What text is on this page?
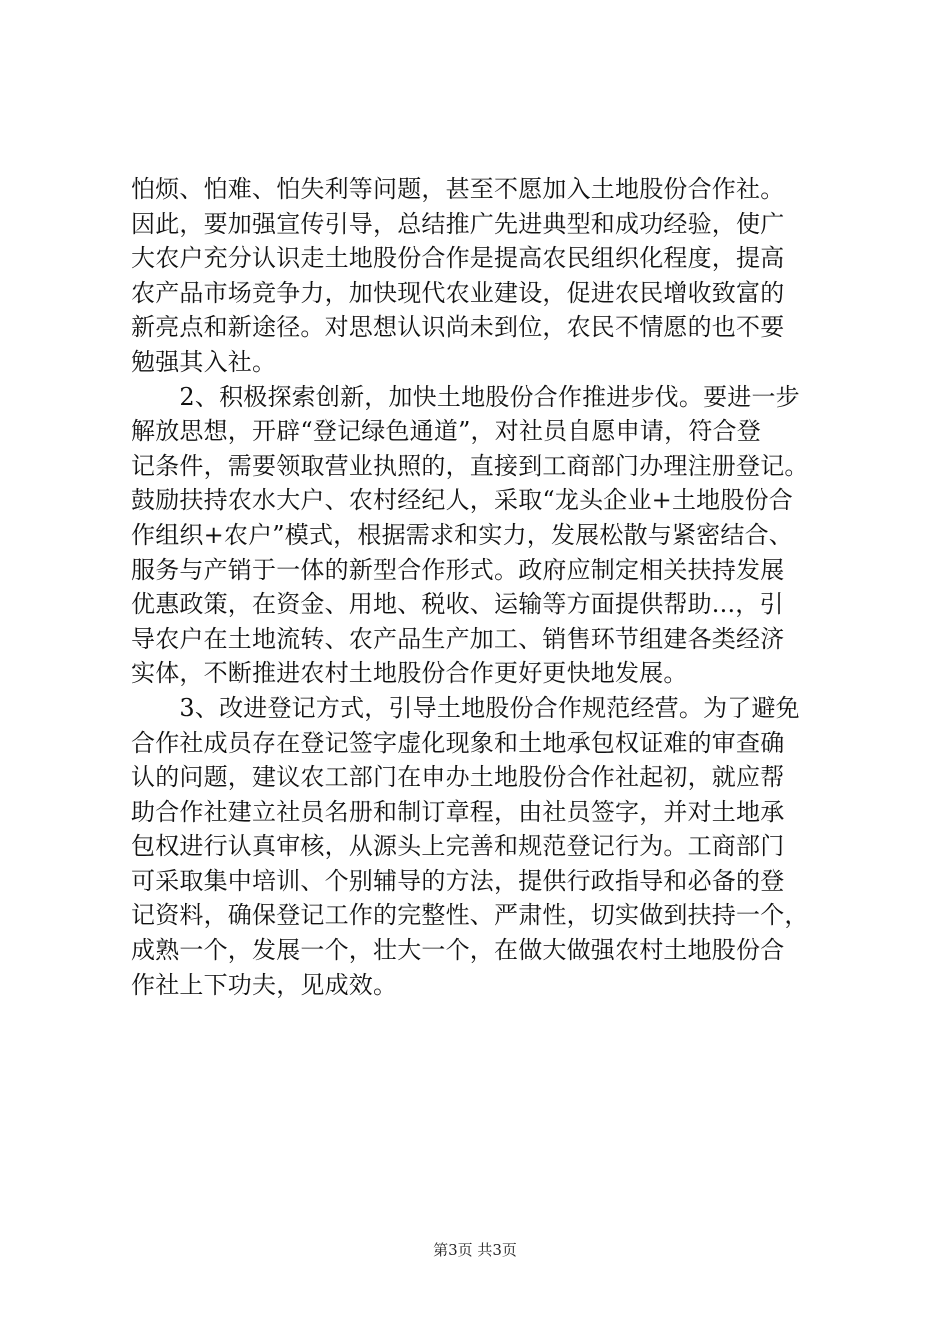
怕烦、怕难、怕失利等问题，甚至不愿加入土地股份合作社。
因此，要加强宣传引导，总结推广先进典型和成功经验，使广
大农户充分认识走土地股份合作是提高农民组织化程度，提高
农产品市场竞争力，加快现代农业建设，促进农民增收致富的
新亮点和新途径。对思想认识尚未到位，农民不情愿的也不要
勉强其入社。
　　2、积极探索创新，加快土地股份合作推进步伐。要进一步
解放思想，开辟“登记绿色通道”，对社员自愿申请，符合登
记条件，需要领取营业执照的，直接到工商部门办理注册登记。
鼓励扶持农水大户、农村经纪人，采取“龙头企业+土地股份合
作组织+农户”模式，根据需求和实力，发展松散与紧密结合、
服务与产销于一体的新型合作形式。政府应制定相关扶持发展
优惠政策，在资金、用地、税收、运输等方面提供帮助...，引
导农户在土地流转、农产品生产加工、销售环节组建各类经济
实体，不断推进农村土地股份合作更好更快地发展。
　　3、改进登记方式，引导土地股份合作规范经营。为了避免
合作社成员存在登记签字虚化现象和土地承包权证难的审查确
认的问题，建议农工部门在申办土地股份合作社起初，就应帮
助合作社建立社员名册和制订章程，由社员签字，并对土地承
包权进行认真审核，从源头上完善和规范登记行为。工商部门
可采取集中培训、个别辅导的方法，提供行政指导和必备的登
记资料，确保登记工作的完整性、严肃性，切实做到扶持一个，
成熟一个，发展一个，壮大一个，在做大做强农村土地股份合
作社上下功夫，见成效。
第3页 共3页
